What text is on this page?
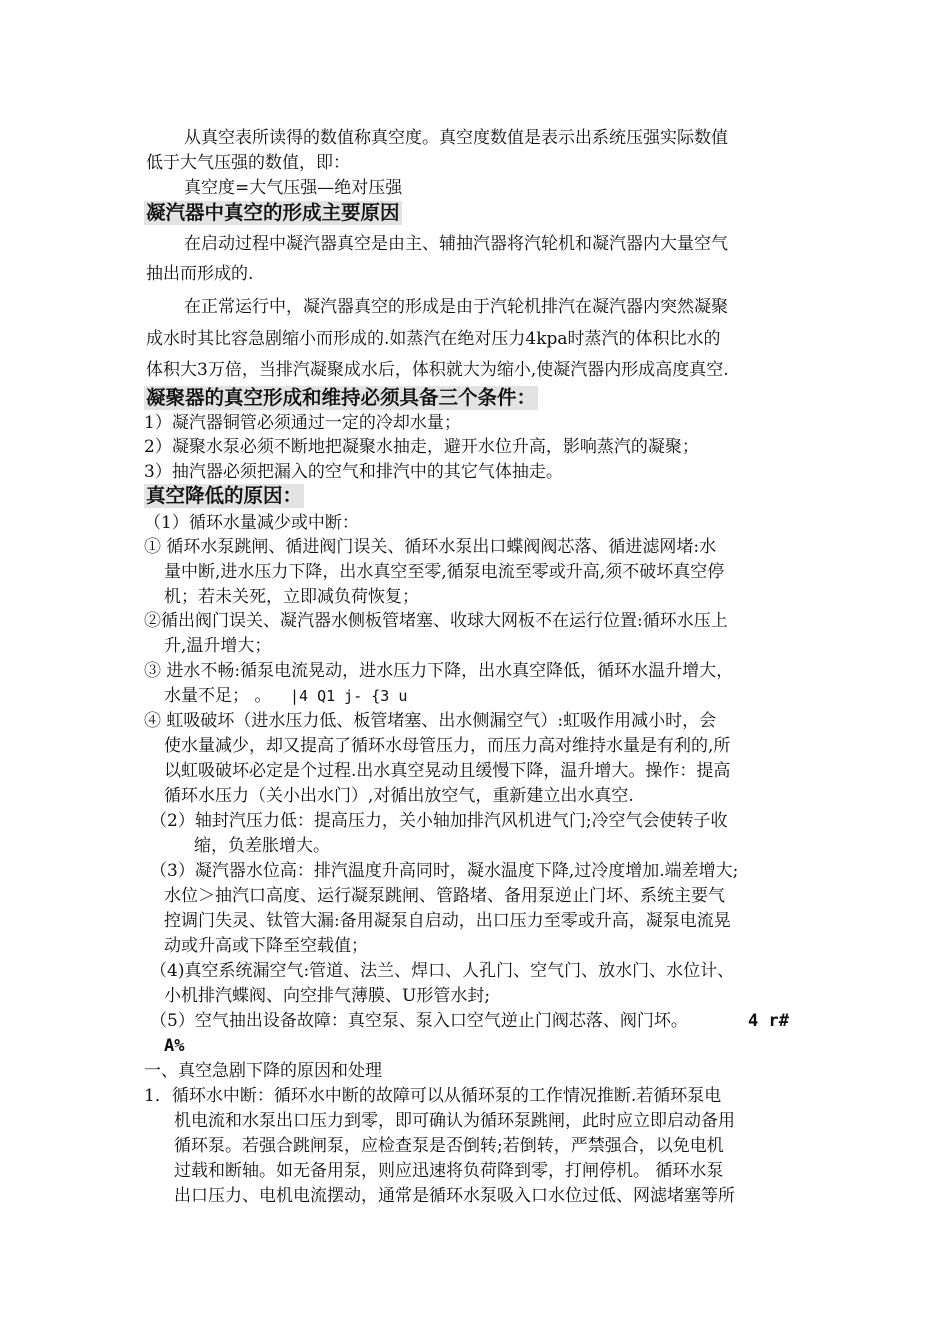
从真空表所读得的数值称真空度。真空度数值是表示出系统压强实际数值

低于大气压强的数值，即：

真空度=大气压强—绝对压强

凝汽器中真空的形成主要原因

在启动过程中凝汽器真空是由主、辅抽汽器将汽轮机和凝汽器内大量空气

抽出而形成的.

在正常运行中，凝汽器真空的形成是由于汽轮机排汽在凝汽器内突然凝聚

成水时其比容急剧缩小而形成的.如蒸汽在绝对压力4kpa时蒸汽的体积比水的

体积大3万倍，当排汽凝聚成水后，体积就大为缩小,使凝汽器内形成高度真空.

凝聚器的真空形成和维持必须具备三个条件：

1）凝汽器铜管必须通过一定的冷却水量；

2）凝聚水泵必须不断地把凝聚水抽走，避开水位升高，影响蒸汽的凝聚；

3）抽汽器必须把漏入的空气和排汽中的其它气体抽走。

真空降低的原因：

（1）循环水量减少或中断：

① 循环水泵跳闸、循进阀门误关、循环水泵出口蝶阀阀芯落、循进滤网堵:水

量中断,进水压力下降，出水真空至零,循泵电流至零或升高,须不破坏真空停

机；若未关死，立即减负荷恢复；

②循出阀门误关、凝汽器水侧板管堵塞、收球大网板不在运行位置:循环水压上

升,温升增大；

③ 进水不畅:循泵电流晃动，进水压力下降，出水真空降低，循环水温升增大，

水量不足； 。 |4 Q1 j- {3 u

④ 虹吸破坏（进水压力低、板管堵塞、出水侧漏空气）:虹吸作用减小时，会

使水量减少，却又提高了循环水母管压力，而压力高对维持水量是有利的,所

以虹吸破坏必定是个过程.出水真空晃动且缓慢下降，温升增大。操作：提高

循环水压力（关小出水门）,对循出放空气，重新建立出水真空.

（2）轴封汽压力低：提高压力，关小轴加排汽风机进气门;冷空气会使转子收

缩，负差胀增大。

（3）凝汽器水位高：排汽温度升高同时，凝水温度下降,过冷度增加.端差增大;

水位＞抽汽口高度、运行凝泵跳闸、管路堵、备用泵逆止门坏、系统主要气

控调门失灵、钛管大漏:备用凝泵自启动，出口压力至零或升高，凝泵电流晃

动或升高或下降至空载值；

（4)真空系统漏空气:管道、法兰、焊口、人孔门、空气门、放水门、水位计、

小机排汽蝶阀、向空排气薄膜、U形管水封;

（5）空气抽出设备故障：真空泵、泵入口空气逆止门阀芯落、阀门坏。	4 r#

A%

一、真空急剧下降的原因和处理

1．循环水中断：循环水中断的故障可以从循环泵的工作情况推断.若循环泵电

机电流和水泵出口压力到零，即可确认为循环泵跳闸，此时应立即启动备用

循环泵。若强合跳闸泵，应检查泵是否倒转;若倒转，严禁强合，以免电机

过载和断轴。如无备用泵，则应迅速将负荷降到零，打闸停机。 循环水泵

出口压力、电机电流摆动，通常是循环水泵吸入口水位过低、网滤堵塞等所
